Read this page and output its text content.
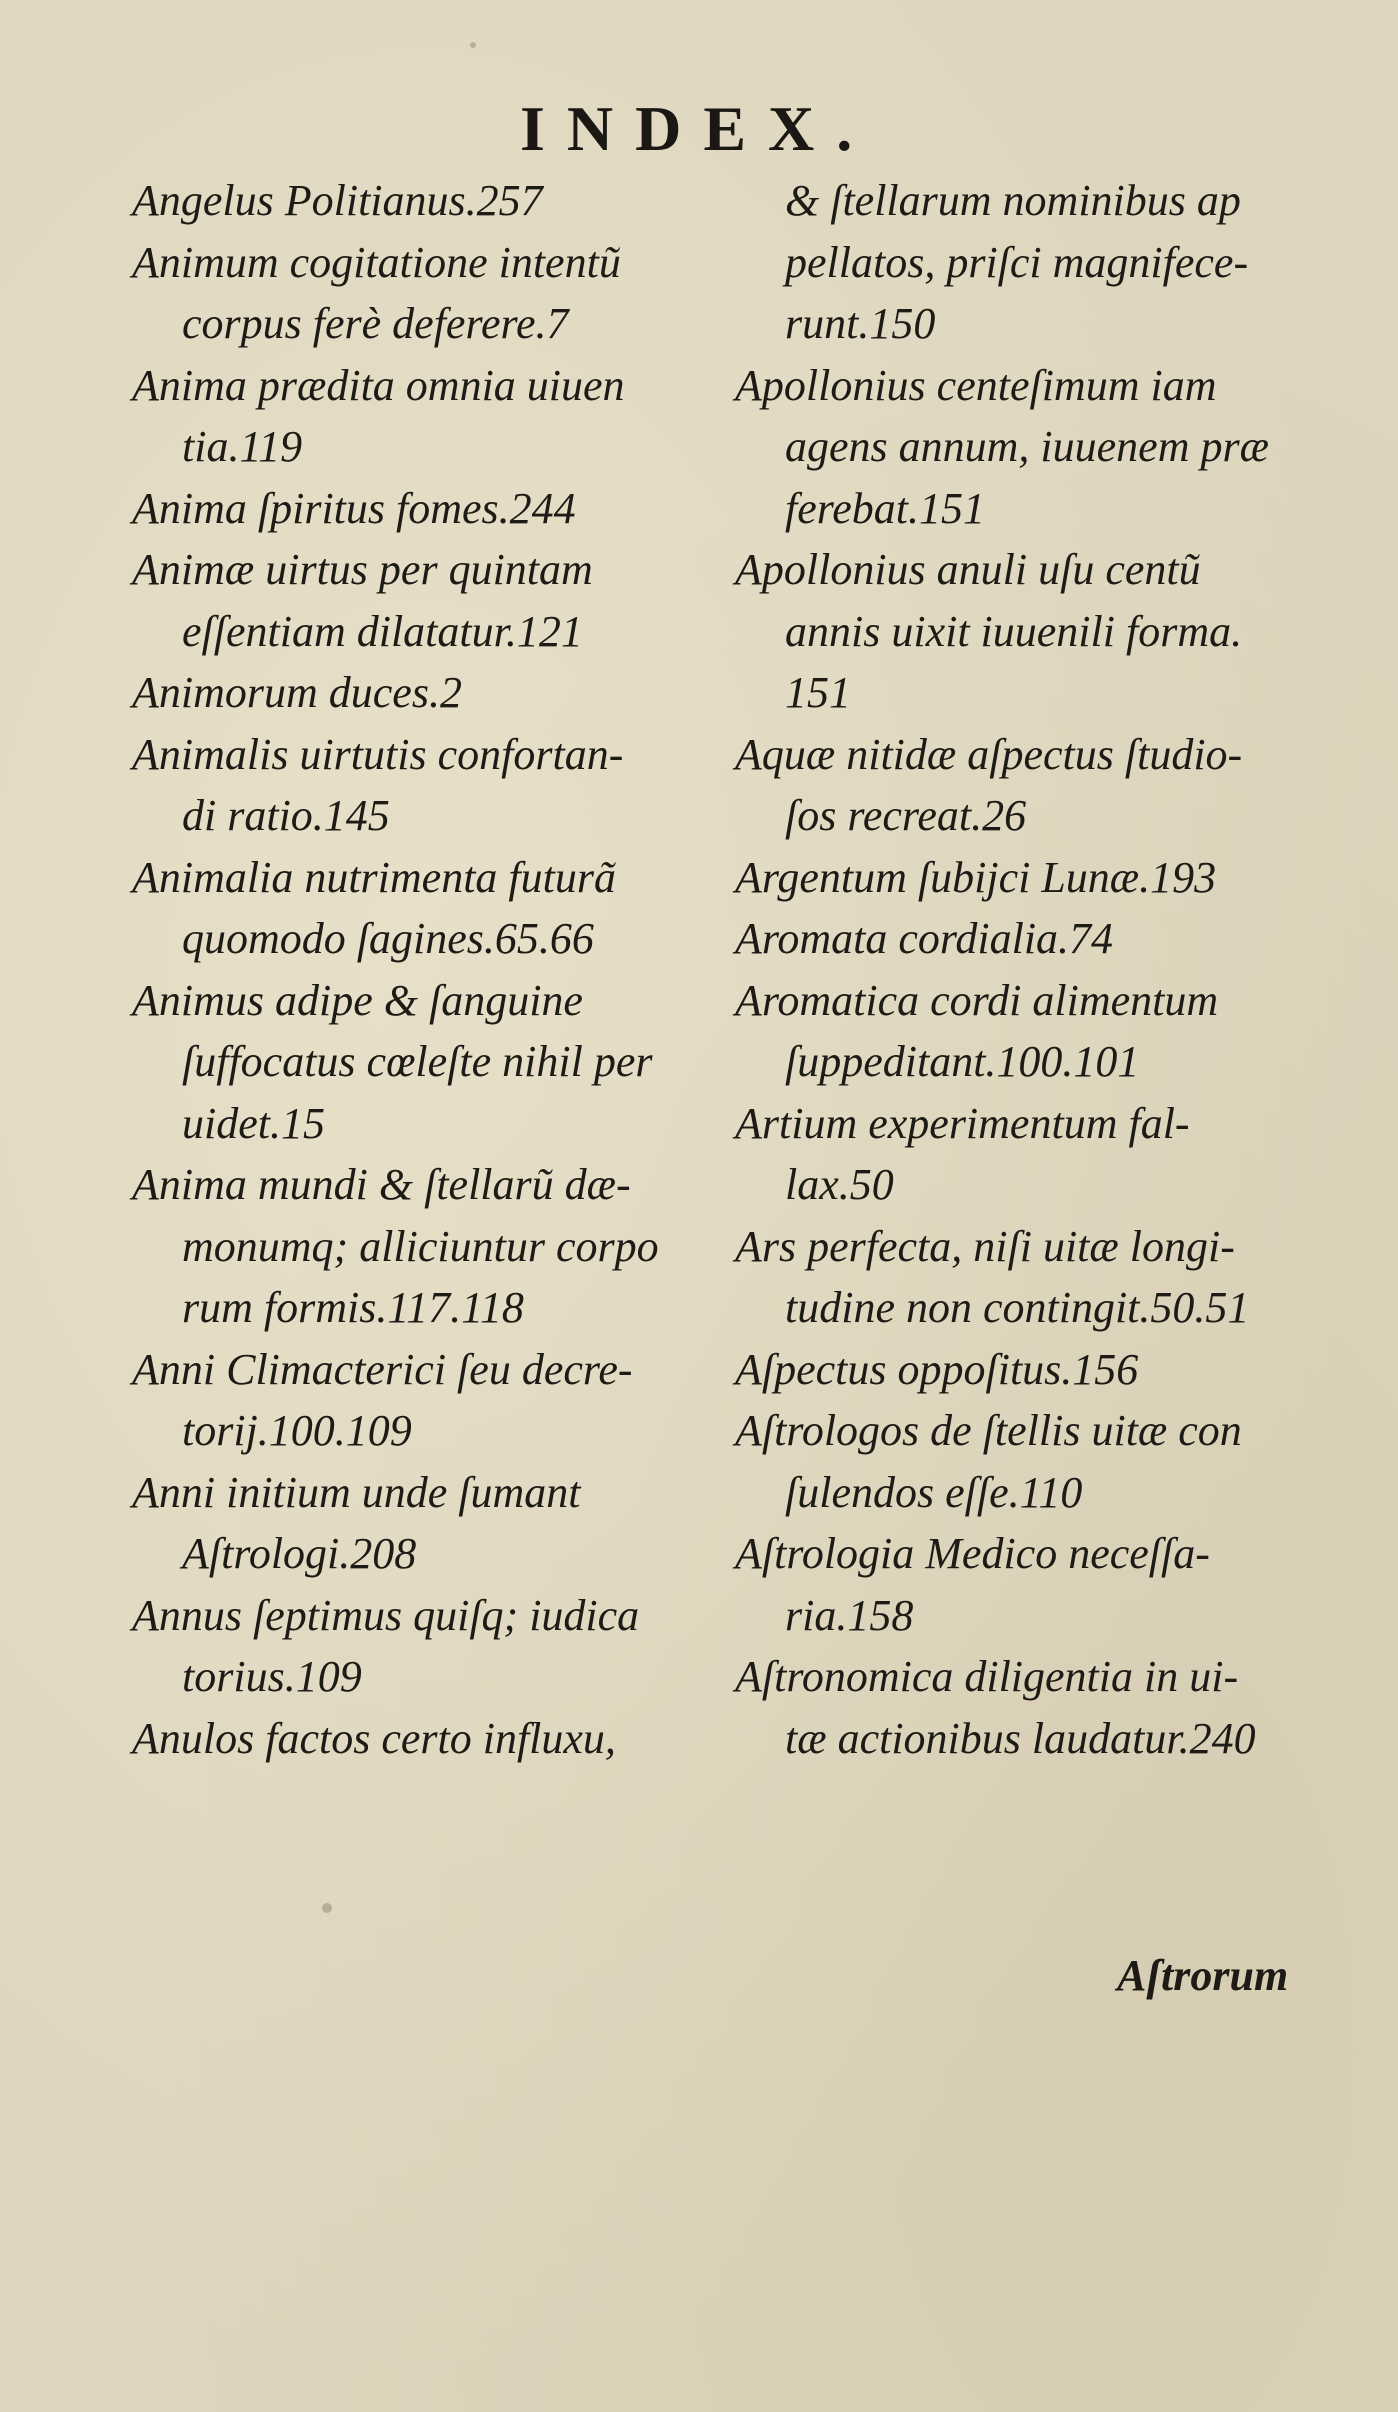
INDEX.
Angelus Politianus.257
Animum cogitatione intentũ
corpus ferè deferere.7
Anima prædita omnia uiuen
tia.119
Anima ſpiritus fomes.244
Animæ uirtus per quintam
eſſentiam dilatatur.121
Animorum duces.2
Animalis uirtutis confortan-
di ratio.145
Animalia nutrimenta futurã
quomodo ſagines.65.66
Animus adipe & ſanguine
ſuffocatus cœleſte nihil per
uidet.15
Anima mundi & ſtellarũ dæ-
monumq; alliciuntur corpo
rum formis.117.118
Anni Climacterici ſeu decre-
torij.100.109
Anni initium unde ſumant
Aſtrologi.208
Annus ſeptimus quiſq; iudica
torius.109
Anulos factos certo influxu,
& ſtellarum nominibus ap
pellatos, priſci magnifece-
runt.150
Apollonius centeſimum iam
agens annum, iuuenem præ
ferebat.151
Apollonius anuli uſu centũ
annis uixit iuuenili forma.
151
Aquæ nitidæ aſpectus ſtudio-
ſos recreat.26
Argentum ſubijci Lunæ.193
Aromata cordialia.74
Aromatica cordi alimentum
ſuppeditant.100.101
Artium experimentum fal-
lax.50
Ars perfecta, niſi uitæ longi-
tudine non contingit.50.51
Aſpectus oppoſitus.156
Aſtrologos de ſtellis uitæ con
ſulendos eſſe.110
Aſtrologia Medico neceſſa-
ria.158
Aſtronomica diligentia in ui-
tæ actionibus laudatur.240
Aſtrorum
